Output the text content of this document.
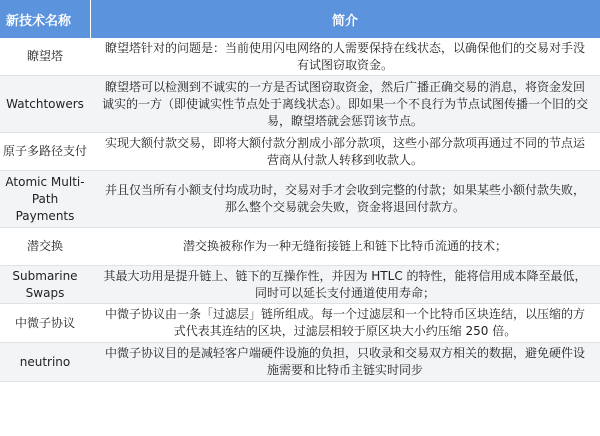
新技术名称	简介
瞭望塔	瞭望塔针对的问题是：当前使用闪电网络的人需要保持在线状态，以确保他们的交易对手没有试图窃取资金。
Watchtowers	瞭望塔可以检测到不诚实的一方是否试图窃取资金，然后广播正确交易的消息，将资金发回诚实的一方（即使诚实性节点处于离线状态）。即如果一个不良行为节点试图传播一个旧的交易，瞭望塔就会惩罚该节点。
原子多路径支付	实现大额付款交易，即将大额付款分割成小部分款项，这些小部分款项再通过不同的节点运营商从付款人转移到收款人。
Atomic Multi-Path Payments	并且仅当所有小额支付均成功时，交易对手才会收到完整的付款；如果某些小额付款失败，那么整个交易就会失败，资金将退回付款方。
潜交换	潜交换被称作为一种无缝衔接链上和链下比特币流通的技术；
Submarine Swaps	其最大功用是提升链上、链下的互操作性，并因为 HTLC 的特性，能将信用成本降至最低，同时可以延长支付通道使用寿命；
中微子协议	中微子协议由一条「过滤层」链所组成。每一个过滤层和一个比特币区块连结，以压缩的方式代表其连结的区块，过滤层相较于原区块大小约压缩 250 倍。
neutrino	中微子协议目的是减轻客户端硬件设施的负担，只收录和交易双方相关的数据，避免硬件设施需要和比特币主链实时同步
